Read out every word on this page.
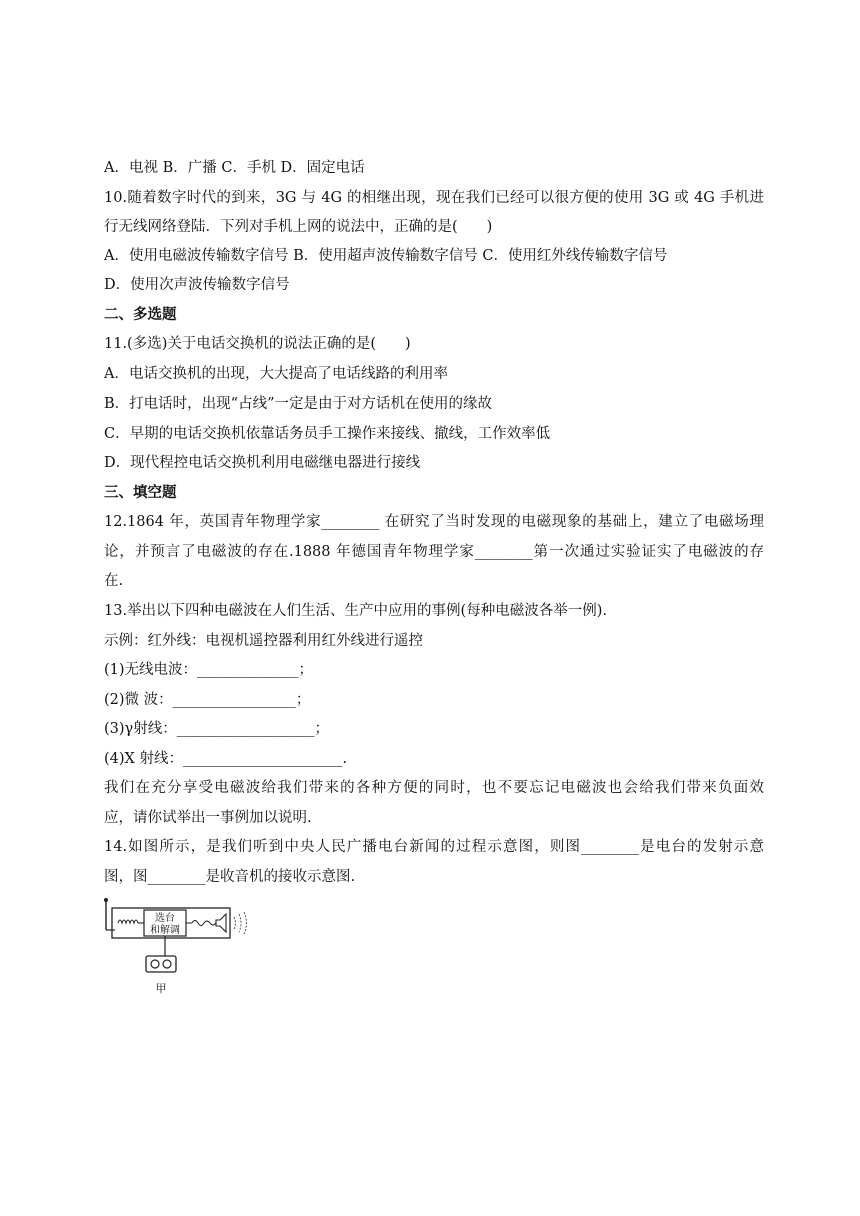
A．电视 B．广播 C．手机 D．固定电话
10.随着数字时代的到来，3G 与 4G 的相继出现，现在我们已经可以很方便的使用 3G 或 4G 手机进
行无线网络登陆．下列对手机上网的说法中，正确的是(　　)
A．使用电磁波传输数字信号 B．使用超声波传输数字信号 C．使用红外线传输数字信号
D．使用次声波传输数字信号
二、多选题
11.(多选)关于电话交换机的说法正确的是(　　)
A．电话交换机的出现，大大提高了电话线路的利用率
B．打电话时，出现“占线”一定是由于对方话机在使用的缘故
C．早期的电话交换机依靠话务员手工操作来接线、撤线，工作效率低
D．现代程控电话交换机利用电磁继电器进行接线
三、填空题
12.1864 年，英国青年物理学家________ 在研究了当时发现的电磁现象的基础上，建立了电磁场理
论，并预言了电磁波的存在.1888 年德国青年物理学家________第一次通过实验证实了电磁波的存
在.
13.举出以下四种电磁波在人们生活、生产中应用的事例(每种电磁波各举一例).
示例：红外线：电视机遥控器利用红外线进行遥控
(1)无线电波：______________；
(2)微 波：_________________；
(3)γ射线：___________________；
(4)X 射线：______________________.
我们在充分享受电磁波给我们带来的各种方便的同时，也不要忘记电磁波也会给我们带来负面效
应，请你试举出一事例加以说明.
14.如图所示，是我们听到中央人民广播电台新闻的过程示意图，则图________是电台的发射示意
图，图________是收音机的接收示意图.
选台
和解调
甲
